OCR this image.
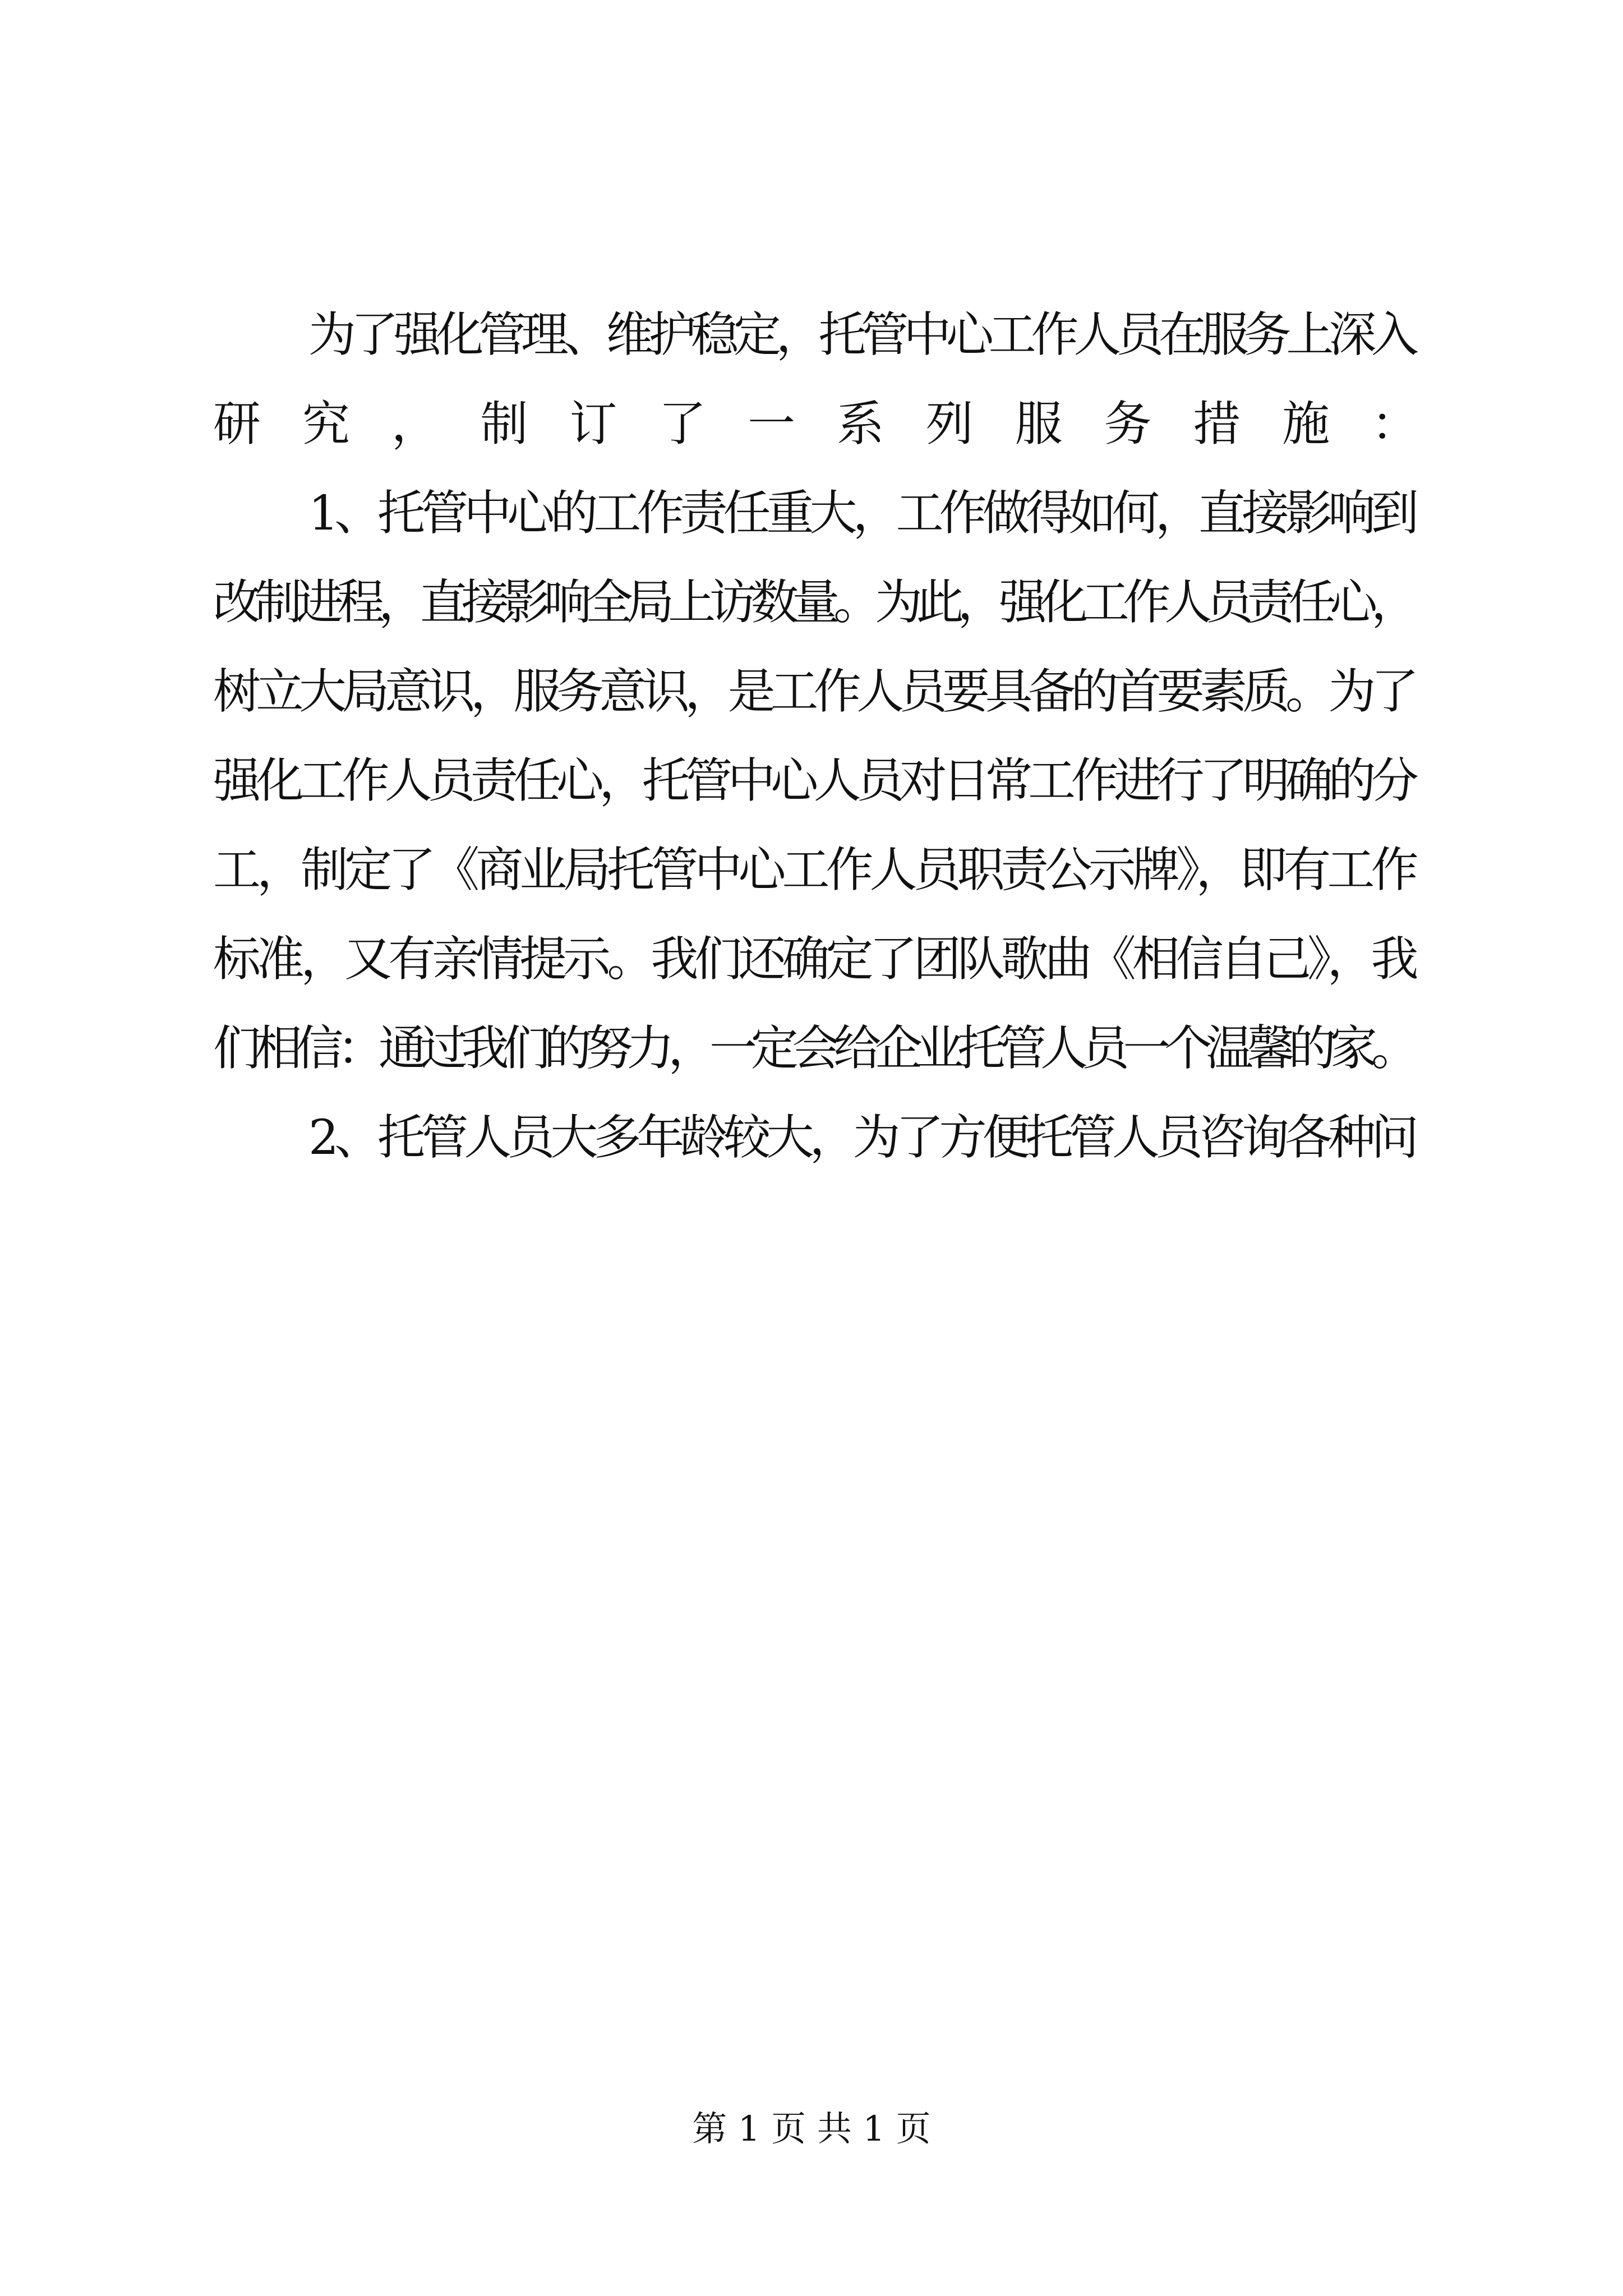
为了强化管理、维护稳定，托管中心工作人员在服务上深入
研究，制订了一系列服务措施：
1、托管中心的工作责任重大，工作做得如何，直接影响到
改制进程，直接影响全局上访数量。为此，强化工作人员责任心，
树立大局意识，服务意识，是工作人员要具备的首要素质。为了
强化工作人员责任心，托管中心人员对日常工作进行了明确的分
工，制定了《商业局托管中心工作人员职责公示牌》，即有工作
标准，又有亲情提示。我们还确定了团队歌曲《相信自己》，我
们相信：通过我们的努力，一定会给企业托管人员一个温馨的家。
2、托管人员大多年龄较大，为了方便托管人员咨询各种问
第 1 页 共 1 页
